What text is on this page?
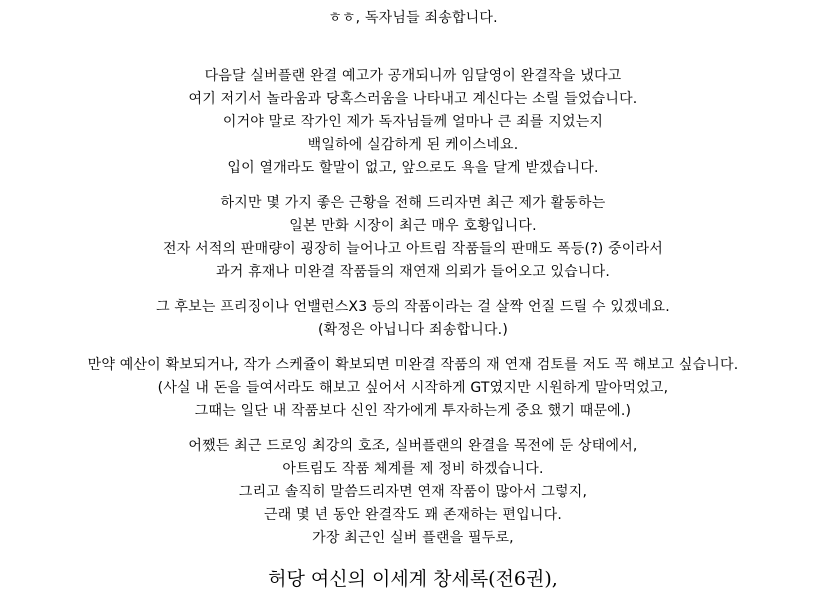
ㅎㅎ, 독자님들 죄송합니다.
다음달 실버플랜 완결 예고가 공개되니까 임달영이 완결작을 냈다고
여기 저기서 놀라움과 당혹스러움을 나타내고 계신다는 소릴 들었습니다.
이거야 말로 작가인 제가 독자님들께 얼마나 큰 죄를 지었는지
백일하에 실감하게 된 케이스네요.
입이 열개라도 할말이 없고, 앞으로도 욕을 달게 받겠습니다.
하지만 몇 가지 좋은 근황을 전해 드리자면 최근 제가 활동하는
일본 만화 시장이 최근 매우 호황입니다.
전자 서적의 판매량이 굉장히 늘어나고 아트림 작품들의 판매도 폭등(?) 중이라서
과거 휴재나 미완결 작품들의 재연재 의뢰가 들어오고 있습니다.
그 후보는 프리징이나 언밸런스X3 등의 작품이라는 걸 살짝 언질 드릴 수 있겠네요.
(확정은 아닙니다 죄송합니다.)
만약 예산이 확보되거나, 작가 스케쥴이 확보되면 미완결 작품의 재 연재 검토를 저도 꼭 해보고 싶습니다.
(사실 내 돈을 들여서라도 해보고 싶어서 시작하게 GT였지만 시원하게 말아먹었고,
그때는 일단 내 작품보다 신인 작가에게 투자하는게 중요 했기 때문에.)
어쨌든 최근 드로잉 최강의 호조, 실버플랜의 완결을 목전에 둔 상태에서,
아트림도 작품 체계를 제 정비 하겠습니다.
그리고 솔직히 말씀드리자면 연재 작품이 많아서 그렇지,
근래 몇 년 동안 완결작도 꽤 존재하는 편입니다.
가장 최근인 실버 플랜을 필두로,
허당 여신의 이세계 창세록(전6권),
